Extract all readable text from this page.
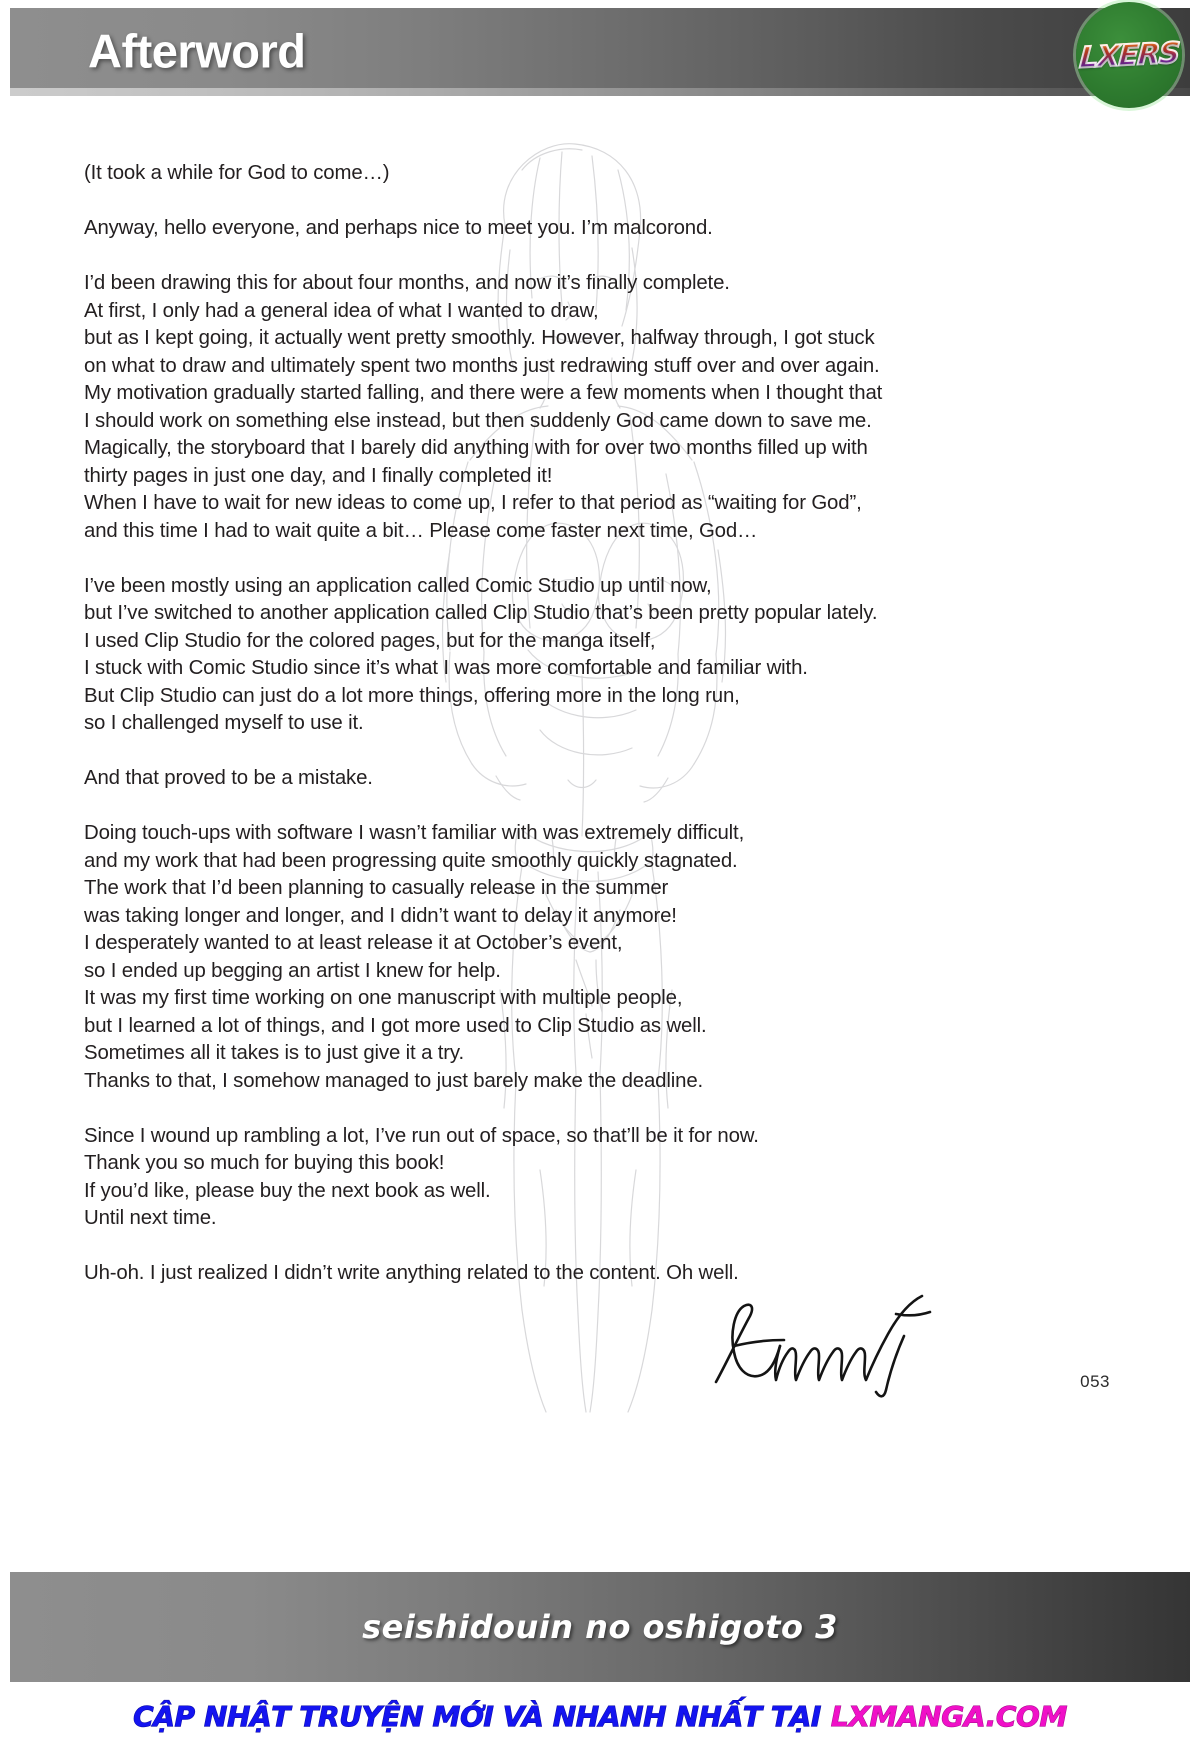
Afterword	LXERS
(It took a while for God to come…)
Anyway, hello everyone, and perhaps nice to meet you. I’m malcorond.
I’d been drawing this for about four months, and now it’s finally complete.
At first, I only had a general idea of what I wanted to draw,
but as I kept going, it actually went pretty smoothly. However, halfway through, I got stuck
on what to draw and ultimately spent two months just redrawing stuff over and over again.
My motivation gradually started falling, and there were a few moments when I thought that
I should work on something else instead, but then suddenly God came down to save me.
Magically, the storyboard that I barely did anything with for over two months filled up with
thirty pages in just one day, and I finally completed it!
When I have to wait for new ideas to come up, I refer to that period as “waiting for God”,
and this time I had to wait quite a bit… Please come faster next time, God…
I’ve been mostly using an application called Comic Studio up until now,
but I’ve switched to another application called Clip Studio that’s been pretty popular lately.
I used Clip Studio for the colored pages, but for the manga itself,
I stuck with Comic Studio since it’s what I was more comfortable and familiar with.
But Clip Studio can just do a lot more things, offering more in the long run,
so I challenged myself to use it.
And that proved to be a mistake.
Doing touch-ups with software I wasn’t familiar with was extremely difficult,
and my work that had been progressing quite smoothly quickly stagnated.
The work that I’d been planning to casually release in the summer
was taking longer and longer, and I didn’t want to delay it anymore!
I desperately wanted to at least release it at October’s event,
so I ended up begging an artist I knew for help.
It was my first time working on one manuscript with multiple people,
but I learned a lot of things, and I got more used to Clip Studio as well.
Sometimes all it takes is to just give it a try.
Thanks to that, I somehow managed to just barely make the deadline.
Since I wound up rambling a lot, I’ve run out of space, so that’ll be it for now.
Thank you so much for buying this book!
If you’d like, please buy the next book as well.
Until next time.
Uh-oh. I just realized I didn’t write anything related to the content. Oh well.
053
seishidouin no oshigoto 3
CẬP NHẬT TRUYỆN MỚI VÀ NHANH NHẤT TẠI LXMANGA.COM
